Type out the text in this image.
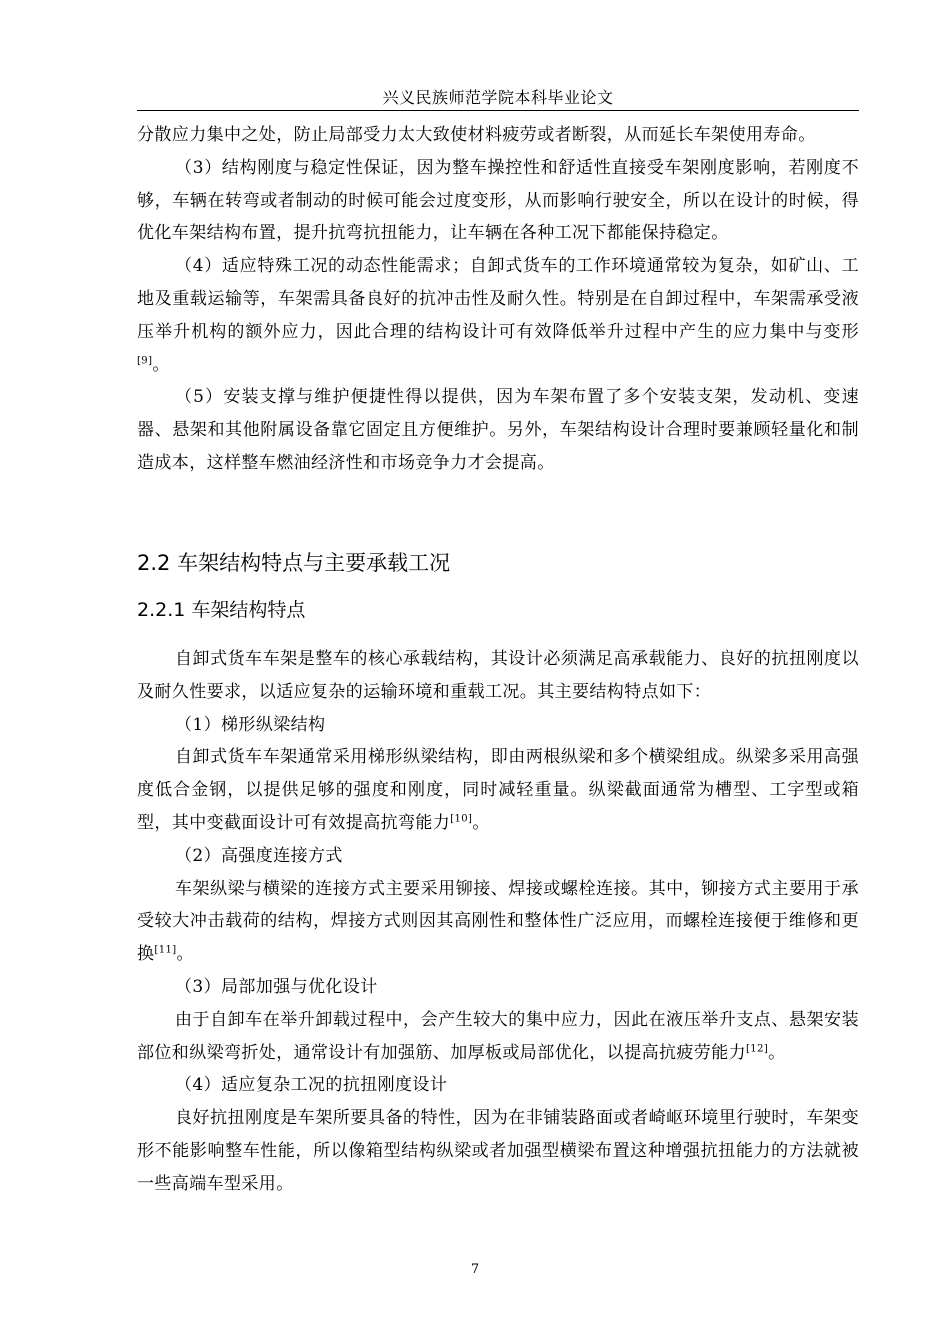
兴义民族师范学院本科毕业论文

分散应力集中之处，防止局部受力太大致使材料疲劳或者断裂，从而延长车架使用寿命。

（3）结构刚度与稳定性保证，因为整车操控性和舒适性直接受车架刚度影响，若刚度不够，车辆在转弯或者制动的时候可能会过度变形，从而影响行驶安全，所以在设计的时候，得优化车架结构布置，提升抗弯抗扭能力，让车辆在各种工况下都能保持稳定。

（4）适应特殊工况的动态性能需求；自卸式货车的工作环境通常较为复杂，如矿山、工地及重载运输等，车架需具备良好的抗冲击性及耐久性。特别是在自卸过程中，车架需承受液压举升机构的额外应力，因此合理的结构设计可有效降低举升过程中产生的应力集中与变形[9]。

（5）安装支撑与维护便捷性得以提供，因为车架布置了多个安装支架，发动机、变速器、悬架和其他附属设备靠它固定且方便维护。另外，车架结构设计合理时要兼顾轻量化和制造成本，这样整车燃油经济性和市场竞争力才会提高。

2.2 车架结构特点与主要承载工况
2.2.1 车架结构特点

自卸式货车车架是整车的核心承载结构，其设计必须满足高承载能力、良好的抗扭刚度以及耐久性要求，以适应复杂的运输环境和重载工况。其主要结构特点如下：

（1）梯形纵梁结构

自卸式货车车架通常采用梯形纵梁结构，即由两根纵梁和多个横梁组成。纵梁多采用高强度低合金钢，以提供足够的强度和刚度，同时减轻重量。纵梁截面通常为槽型、工字型或箱型，其中变截面设计可有效提高抗弯能力[10]。

（2）高强度连接方式

车架纵梁与横梁的连接方式主要采用铆接、焊接或螺栓连接。其中，铆接方式主要用于承受较大冲击载荷的结构，焊接方式则因其高刚性和整体性广泛应用，而螺栓连接便于维修和更换[11]。

（3）局部加强与优化设计

由于自卸车在举升卸载过程中，会产生较大的集中应力，因此在液压举升支点、悬架安装部位和纵梁弯折处，通常设计有加强筋、加厚板或局部优化，以提高抗疲劳能力[12]。

（4）适应复杂工况的抗扭刚度设计

良好抗扭刚度是车架所要具备的特性，因为在非铺装路面或者崎岖环境里行驶时，车架变形不能影响整车性能，所以像箱型结构纵梁或者加强型横梁布置这种增强抗扭能力的方法就被一些高端车型采用。

7
